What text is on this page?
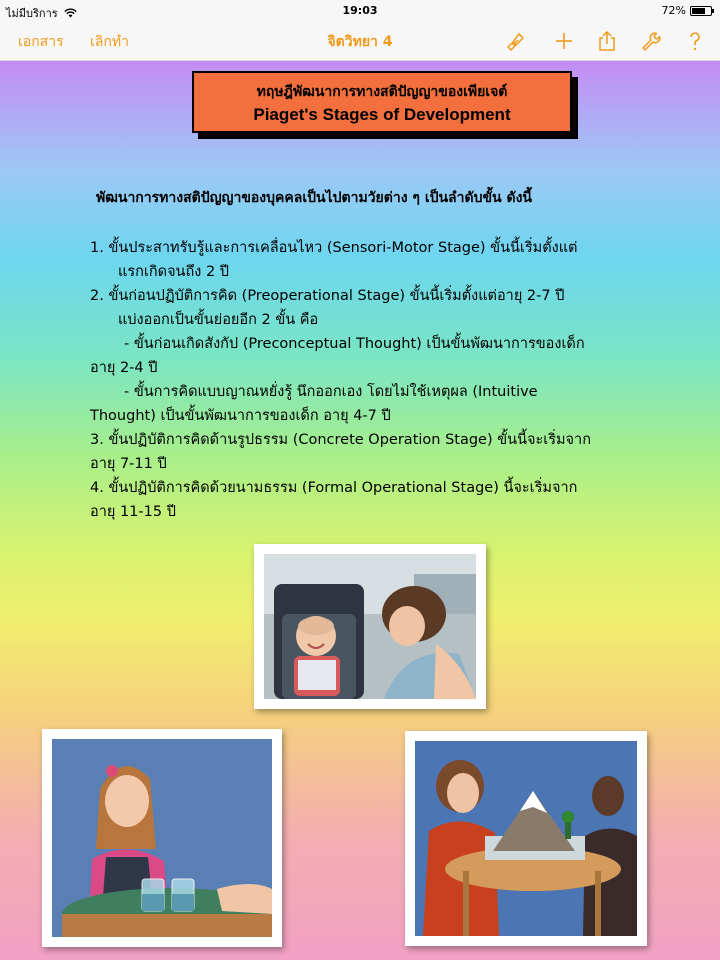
ไม่มีบริการ	19:03	72%
เอกสาร เลิกทำ	จิตวิทยา 4
ทฤษฎีพัฒนาการทางสติปัญญาของเพียเจต์
Piaget's Stages of Development
พัฒนาการทางสติปัญญาของบุคคลเป็นไปตามวัยต่าง ๆ เป็นลำดับขั้น ดังนี้

1. ขั้นประสาทรับรู้และการเคลื่อนไหว (Sensori-Motor Stage) ขั้นนี้เริ่มตั้งแต่

แรกเกิดจนถึง 2 ปี

2. ขั้นก่อนปฏิบัติการคิด (Preoperational Stage) ขั้นนี้เริ่มตั้งแต่อายุ 2-7 ปี

แบ่งออกเป็นขั้นย่อยอีก 2 ขั้น คือ

- ขั้นก่อนเกิดสังกัป (Preconceptual Thought) เป็นขั้นพัฒนาการของเด็ก

อายุ 2-4 ปี

- ขั้นการคิดแบบญาณหยั่งรู้ นึกออกเอง โดยไม่ใช้เหตุผล (Intuitive

Thought) เป็นขั้นพัฒนาการของเด็ก อายุ 4-7 ปี

3. ขั้นปฏิบัติการคิดด้านรูปธรรม (Concrete Operation Stage) ขั้นนี้จะเริ่มจาก

อายุ 7-11 ปี

4. ขั้นปฏิบัติการคิดด้วยนามธรรม (Formal Operational Stage) นี้จะเริ่มจาก

อายุ 11-15 ปี
